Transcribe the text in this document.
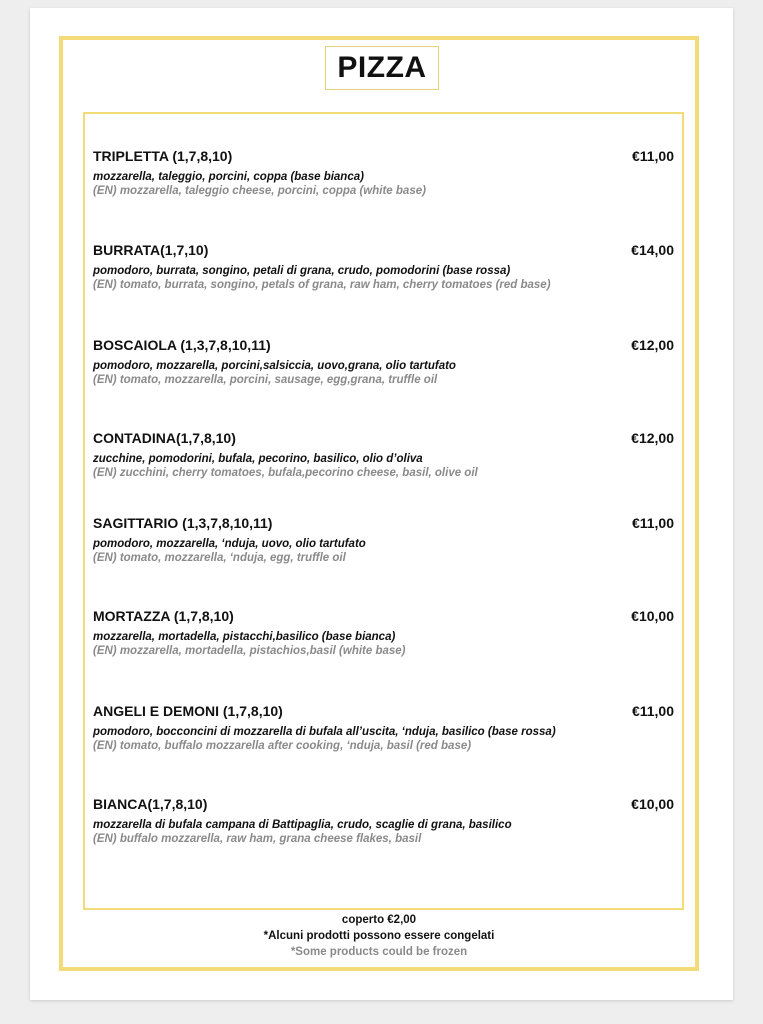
PIZZA
TRIPLETTA (1,7,8,10)	€11,00
mozzarella, taleggio, porcini, coppa (base bianca)
(EN) mozzarella, taleggio cheese, porcini, coppa (white base)
BURRATA(1,7,10)	€14,00
pomodoro, burrata, songino, petali di grana, crudo, pomodorini (base rossa)
(EN) tomato, burrata, songino, petals of grana, raw ham, cherry tomatoes (red base)
BOSCAIOLA (1,3,7,8,10,11)	€12,00
pomodoro, mozzarella, porcini,salsiccia, uovo,grana, olio tartufato
(EN) tomato, mozzarella, porcini, sausage, egg,grana, truffle oil
CONTADINA(1,7,8,10)	€12,00
zucchine, pomodorini, bufala, pecorino, basilico, olio d’oliva
(EN) zucchini, cherry tomatoes, bufala,pecorino cheese, basil, olive oil
SAGITTARIO (1,3,7,8,10,11)	€11,00
pomodoro, mozzarella, ‘nduja, uovo, olio tartufato
(EN) tomato, mozzarella, ‘nduja, egg, truffle oil
MORTAZZA (1,7,8,10)	€10,00
mozzarella, mortadella, pistacchi,basilico (base bianca)
(EN) mozzarella, mortadella, pistachios,basil (white base)
ANGELI E DEMONI (1,7,8,10)	€11,00
pomodoro, bocconcini di mozzarella di bufala all’uscita, ‘nduja, basilico (base rossa)
(EN) tomato, buffalo mozzarella after cooking, ‘nduja, basil (red base)
BIANCA(1,7,8,10)	€10,00
mozzarella di bufala campana di Battipaglia, crudo, scaglie di grana, basilico
(EN) buffalo mozzarella, raw ham, grana cheese flakes, basil
coperto €2,00
*Alcuni prodotti possono essere congelati
*Some products could be frozen
